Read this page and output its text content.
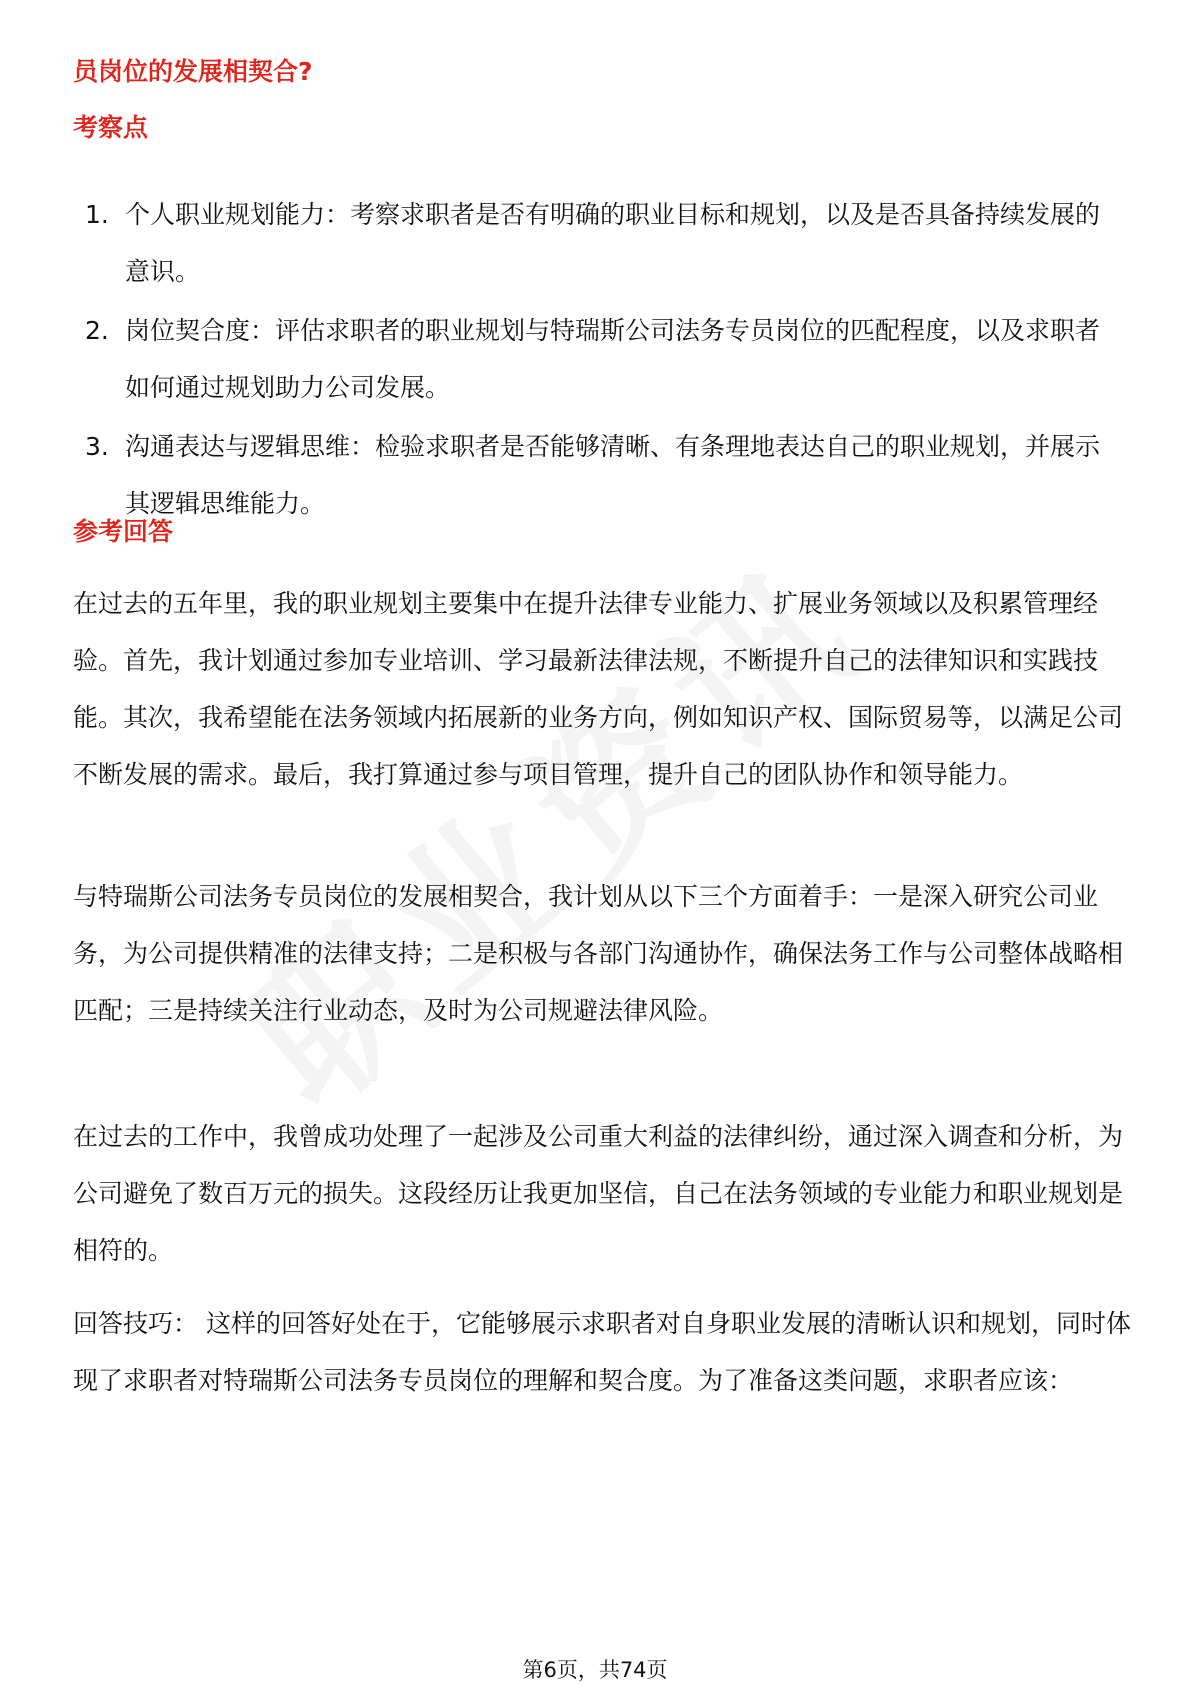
员岗位的发展相契合?
考察点
1. 个人职业规划能力：考察求职者是否有明确的职业目标和规划，以及是否具备持续发展的意识。
2. 岗位契合度：评估求职者的职业规划与特瑞斯公司法务专员岗位的匹配程度，以及求职者如何通过规划助力公司发展。
3. 沟通表达与逻辑思维：检验求职者是否能够清晰、有条理地表达自己的职业规划，并展示其逻辑思维能力。
参考回答

在过去的五年里，我的职业规划主要集中在提升法律专业能力、扩展业务领域以及积累管理经验。首先，我计划通过参加专业培训、学习最新法律法规，不断提升自己的法律知识和实践技能。其次，我希望能在法务领域内拓展新的业务方向，例如知识产权、国际贸易等，以满足公司不断发展的需求。最后，我打算通过参与项目管理，提升自己的团队协作和领导能力。

与特瑞斯公司法务专员岗位的发展相契合，我计划从以下三个方面着手：一是深入研究公司业务，为公司提供精准的法律支持；二是积极与各部门沟通协作，确保法务工作与公司整体战略相匹配；三是持续关注行业动态，及时为公司规避法律风险。

在过去的工作中，我曾成功处理了一起涉及公司重大利益的法律纠纷，通过深入调查和分析，为公司避免了数百万元的损失。这段经历让我更加坚信，自己在法务领域的专业能力和职业规划是相符的。

回答技巧： 这样的回答好处在于，它能够展示求职者对自身职业发展的清晰认识和规划，同时体现了求职者对特瑞斯公司法务专员岗位的理解和契合度。为了准备这类问题，求职者应该：

第6页，共74页
